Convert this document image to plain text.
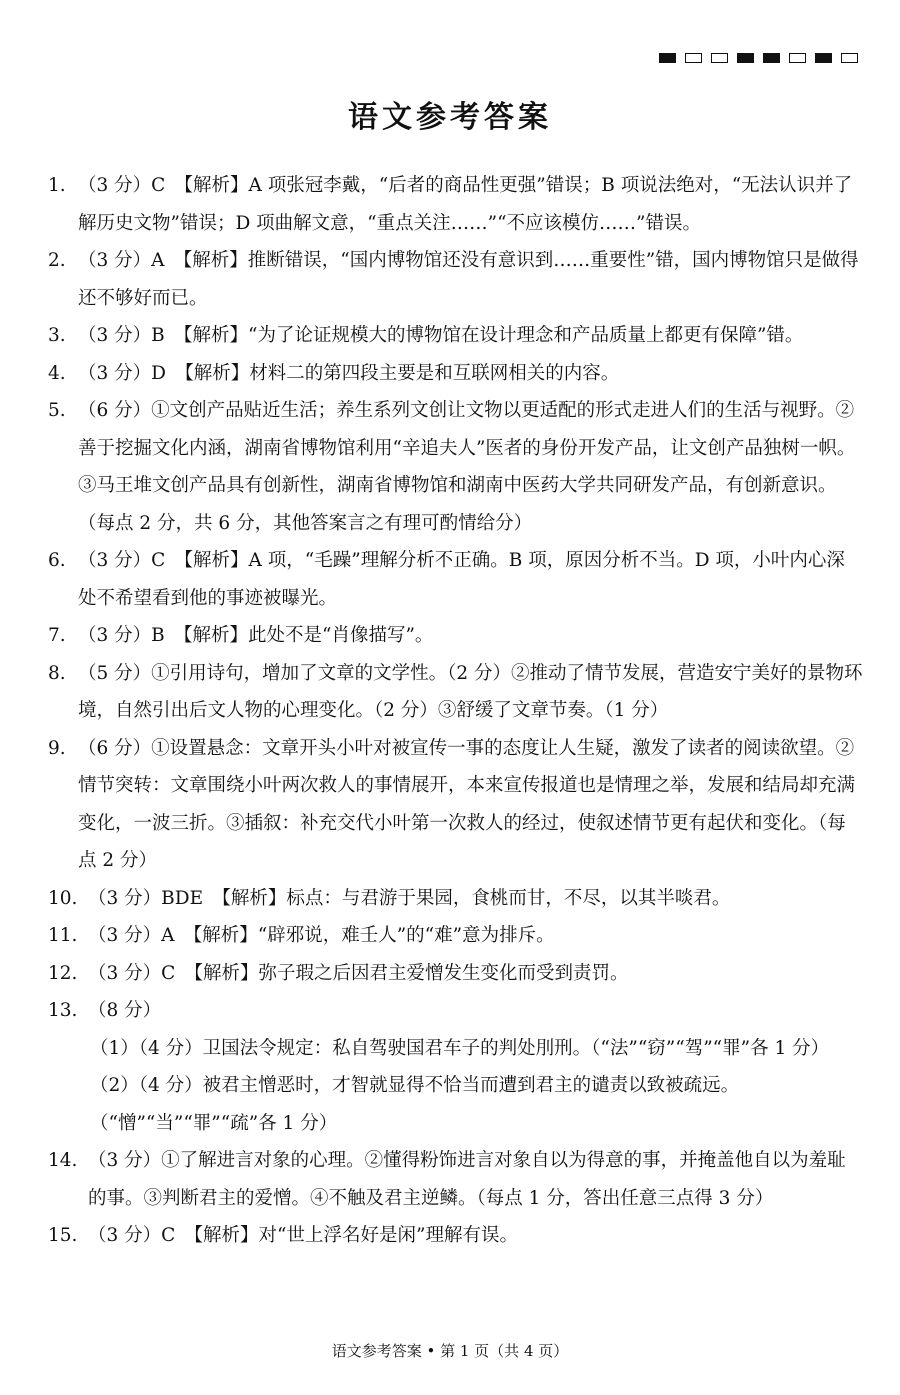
语文参考答案
1. （3 分）C　【解析】A 项张冠李戴，“后者的商品性更强”错误；B 项说法绝对，“无法认识并了解历史文物”错误；D 项曲解文意，“重点关注……”“不应该模仿……”错误。
2. （3 分）A　【解析】推断错误，“国内博物馆还没有意识到……重要性”错，国内博物馆只是做得还不够好而已。
3. （3 分）B　【解析】“为了论证规模大的博物馆在设计理念和产品质量上都更有保障”错。
4. （3 分）D　【解析】材料二的第四段主要是和互联网相关的内容。
5. （6 分）①文创产品贴近生活；养生系列文创让文物以更适配的形式走进人们的生活与视野。②善于挖掘文化内涵，湖南省博物馆利用“辛追夫人”医者的身份开发产品，让文创产品独树一帜。③马王堆文创产品具有创新性，湖南省博物馆和湖南中医药大学共同研发产品，有创新意识。（每点 2 分，共 6 分，其他答案言之有理可酌情给分）
6. （3 分）C　【解析】A 项，“毛躁”理解分析不正确。B 项，原因分析不当。D 项，小叶内心深处不希望看到他的事迹被曝光。
7. （3 分）B　【解析】此处不是“肖像描写”。
8. （5 分）①引用诗句，增加了文章的文学性。（2 分）②推动了情节发展，营造安宁美好的景物环境，自然引出后文人物的心理变化。（2 分）③舒缓了文章节奏。（1 分）
9. （6 分）①设置悬念：文章开头小叶对被宣传一事的态度让人生疑，激发了读者的阅读欲望。②情节突转：文章围绕小叶两次救人的事情展开，本来宣传报道也是情理之举，发展和结局却充满变化，一波三折。③插叙：补充交代小叶第一次救人的经过，使叙述情节更有起伏和变化。（每点 2 分）
10. （3 分）BDE　【解析】标点：与君游于果园，食桃而甘，不尽，以其半啖君。
11. （3 分）A　【解析】“辟邪说，难壬人”的“难”意为排斥。
12. （3 分）C　【解析】弥子瑕之后因君主爱憎发生变化而受到责罚。
13. （8 分）
（1）（4 分）卫国法令规定：私自驾驶国君车子的判处刖刑。（“法”“窃”“驾”“罪”各 1 分）
（2）（4 分）被君主憎恶时，才智就显得不恰当而遭到君主的谴责以致被疏远。（“憎”“当”“罪”“疏”各 1 分）
14. （3 分）①了解进言对象的心理。②懂得粉饰进言对象自以为得意的事，并掩盖他自以为羞耻的事。③判断君主的爱憎。④不触及君主逆鳞。（每点 1 分，答出任意三点得 3 分）
15. （3 分）C　【解析】对“世上浮名好是闲”理解有误。
语文参考答案 • 第 1 页（共 4 页）
